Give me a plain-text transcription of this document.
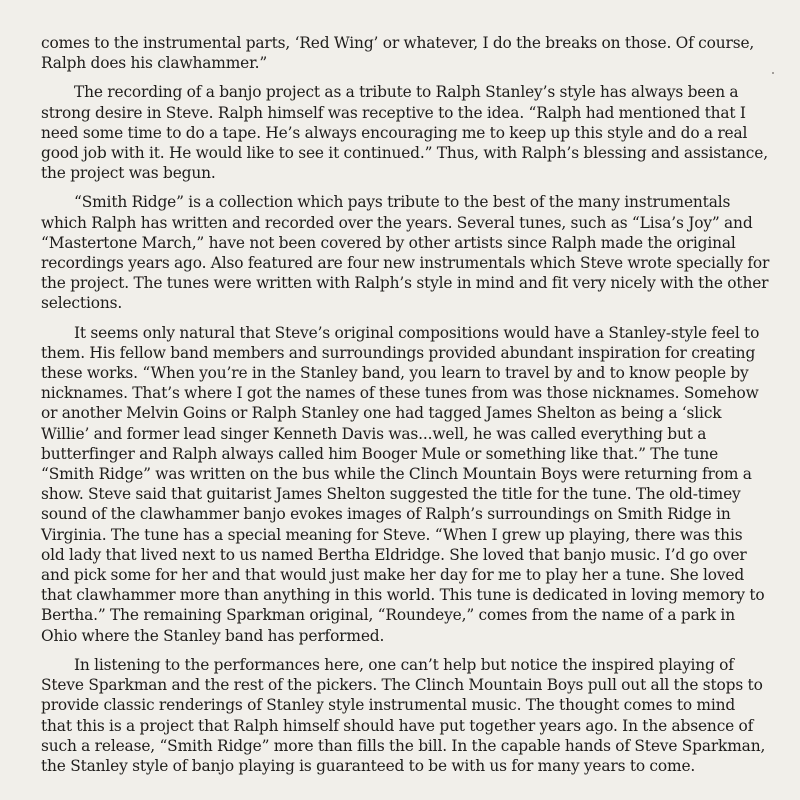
comes to the instrumental parts, ‘Red Wing’ or whatever, I do the breaks on those. Of course, Ralph does his clawhammer.”

The recording of a banjo project as a tribute to Ralph Stanley’s style has always been a strong desire in Steve. Ralph himself was receptive to the idea. “Ralph had mentioned that I need some time to do a tape. He’s always encouraging me to keep up this style and do a real good job with it. He would like to see it continued.” Thus, with Ralph’s blessing and assistance, the project was begun.

“Smith Ridge” is a collection which pays tribute to the best of the many instrumentals which Ralph has written and recorded over the years. Several tunes, such as “Lisa’s Joy” and “Mastertone March,” have not been covered by other artists since Ralph made the original recordings years ago. Also featured are four new instrumentals which Steve wrote specially for the project. The tunes were written with Ralph’s style in mind and fit very nicely with the other selections.

It seems only natural that Steve’s original compositions would have a Stanley-style feel to them. His fellow band members and surroundings provided abundant inspiration for creating these works. “When you’re in the Stanley band, you learn to travel by and to know people by nicknames. That’s where I got the names of these tunes from was those nicknames. Somehow or another Melvin Goins or Ralph Stanley one had tagged James Shelton as being a ‘slick Willie’ and former lead singer Kenneth Davis was...well, he was called everything but a butterfinger and Ralph always called him Booger Mule or something like that.” The tune “Smith Ridge” was written on the bus while the Clinch Mountain Boys were returning from a show. Steve said that guitarist James Shelton suggested the title for the tune. The old-timey sound of the clawhammer banjo evokes images of Ralph’s surroundings on Smith Ridge in Virginia. The tune has a special meaning for Steve. “When I grew up playing, there was this old lady that lived next to us named Bertha Eldridge. She loved that banjo music. I’d go over and pick some for her and that would just make her day for me to play her a tune. She loved that clawhammer more than anything in this world. This tune is dedicated in loving memory to Bertha.” The remaining Sparkman original, “Roundeye,” comes from the name of a park in Ohio where the Stanley band has performed.

In listening to the performances here, one can’t help but notice the inspired playing of Steve Sparkman and the rest of the pickers. The Clinch Mountain Boys pull out all the stops to provide classic renderings of Stanley style instrumental music. The thought comes to mind that this is a project that Ralph himself should have put together years ago. In the absence of such a release, “Smith Ridge” more than fills the bill. In the capable hands of Steve Sparkman, the Stanley style of banjo playing is guaranteed to be with us for many years to come.
